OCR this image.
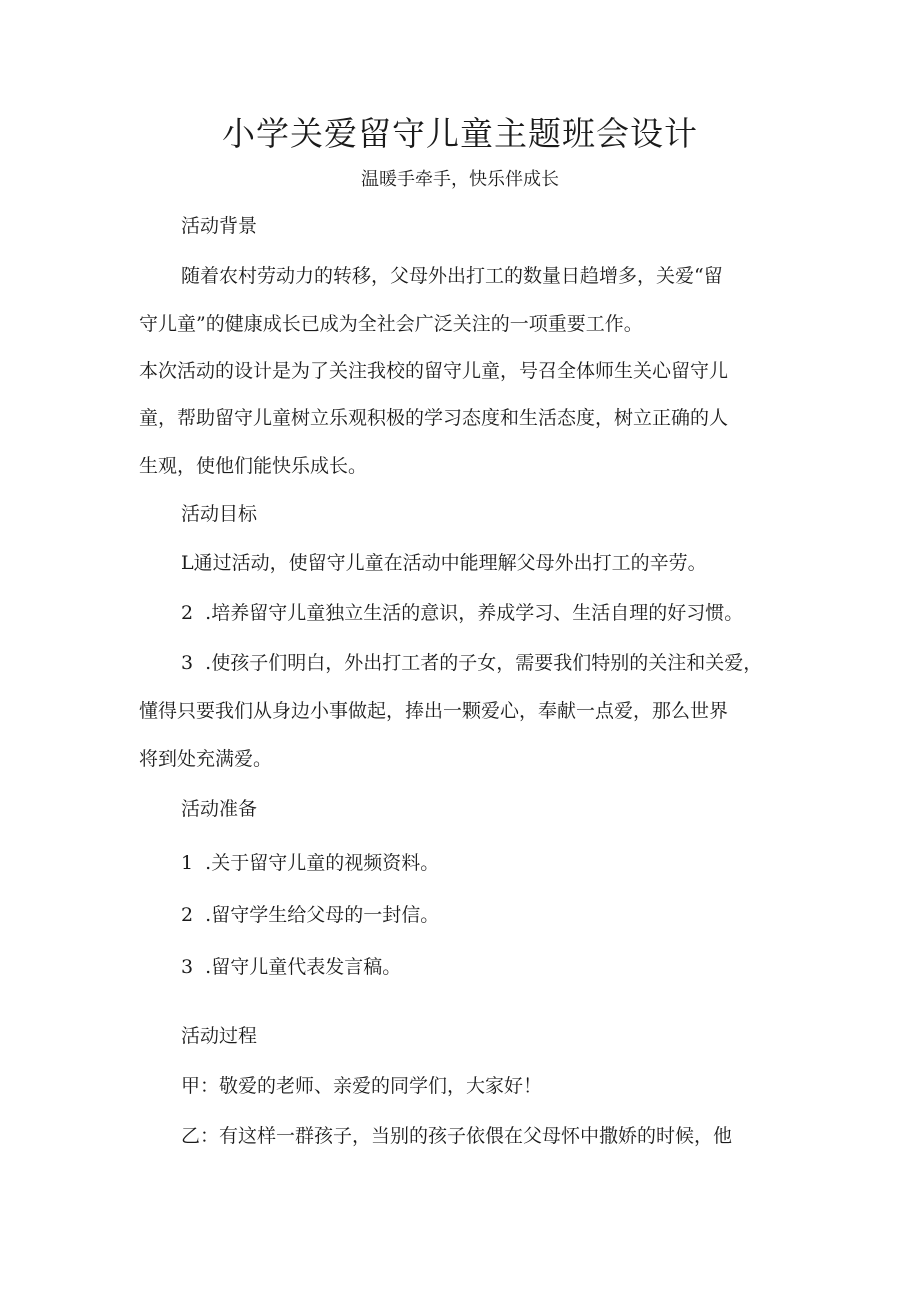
小学关爱留守儿童主题班会设计
温暖手牵手，快乐伴成长
活动背景
随着农村劳动力的转移，父母外出打工的数量日趋增多，关爱“留
守儿童”的健康成长已成为全社会广泛关注的一项重要工作。
本次活动的设计是为了关注我校的留守儿童，号召全体师生关心留守儿
童，帮助留守儿童树立乐观积极的学习态度和生活态度，树立正确的人
生观，使他们能快乐成长。
活动目标
L通过活动，使留守儿童在活动中能理解父母外出打工的辛劳。
2  .培养留守儿童独立生活的意识，养成学习、生活自理的好习惯。
3  .使孩子们明白，外出打工者的子女，需要我们特别的关注和关爱，
懂得只要我们从身边小事做起，捧出一颗爱心，奉献一点爱，那么世界
将到处充满爱。
活动准备
1  .关于留守儿童的视频资料。
2  .留守学生给父母的一封信。
3  .留守儿童代表发言稿。
活动过程
甲：敬爱的老师、亲爱的同学们，大家好！
乙：有这样一群孩子，当别的孩子依偎在父母怀中撒娇的时候，他
